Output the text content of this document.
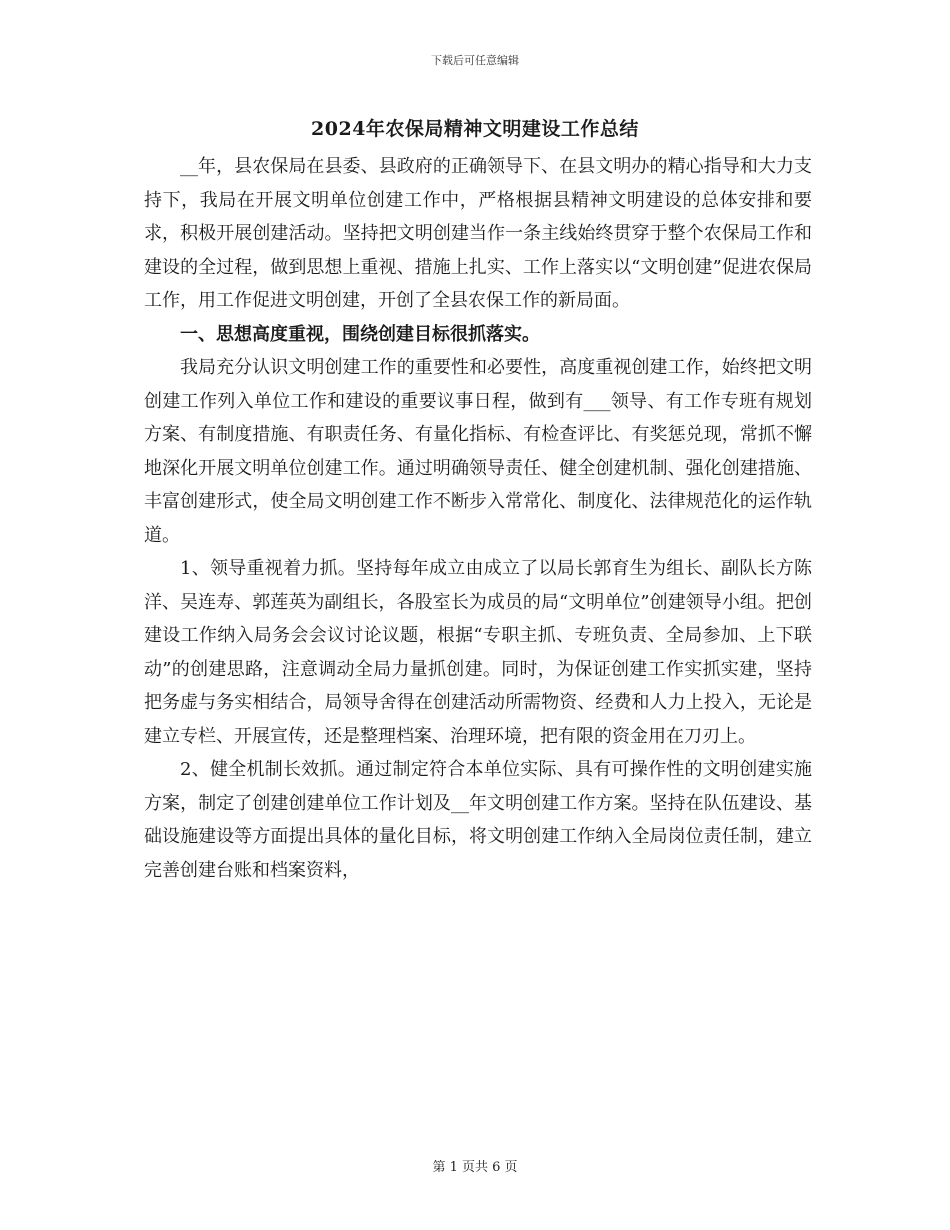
下载后可任意编辑
2024年农保局精神文明建设工作总结

__年，县农保局在县委、县政府的正确领导下、在县文明办的精心指导和大力支持下，我局在开展文明单位创建工作中，严格根据县精神文明建设的总体安排和要求，积极开展创建活动。坚持把文明创建当作一条主线始终贯穿于整个农保局工作和建设的全过程，做到思想上重视、措施上扎实、工作上落实以“文明创建”促进农保局工作，用工作促进文明创建，开创了全县农保工作的新局面。

一、思想高度重视，围绕创建目标很抓落实。

我局充分认识文明创建工作的重要性和必要性，高度重视创建工作，始终把文明创建工作列入单位工作和建设的重要议事日程，做到有___领导、有工作专班有规划方案、有制度措施、有职责任务、有量化指标、有检查评比、有奖惩兑现，常抓不懈地深化开展文明单位创建工作。通过明确领导责任、健全创建机制、强化创建措施、丰富创建形式，使全局文明创建工作不断步入常常化、制度化、法律规范化的运作轨道。

1、领导重视着力抓。坚持每年成立由成立了以局长郭育生为组长、副队长方陈洋、吴连寿、郭莲英为副组长，各股室长为成员的局“文明单位”创建领导小组。把创建设工作纳入局务会会议讨论议题，根据“专职主抓、专班负责、全局参加、上下联动”的创建思路，注意调动全局力量抓创建。同时，为保证创建工作实抓实建，坚持把务虚与务实相结合，局领导舍得在创建活动所需物资、经费和人力上投入，无论是建立专栏、开展宣传，还是整理档案、治理环境，把有限的资金用在刀刃上。

2、健全机制长效抓。通过制定符合本单位实际、具有可操作性的文明创建实施方案，制定了创建创建单位工作计划及__年文明创建工作方案。坚持在队伍建设、基础设施建设等方面提出具体的量化目标，将文明创建工作纳入全局岗位责任制，建立完善创建台账和档案资料，

第 1 页共 6 页
